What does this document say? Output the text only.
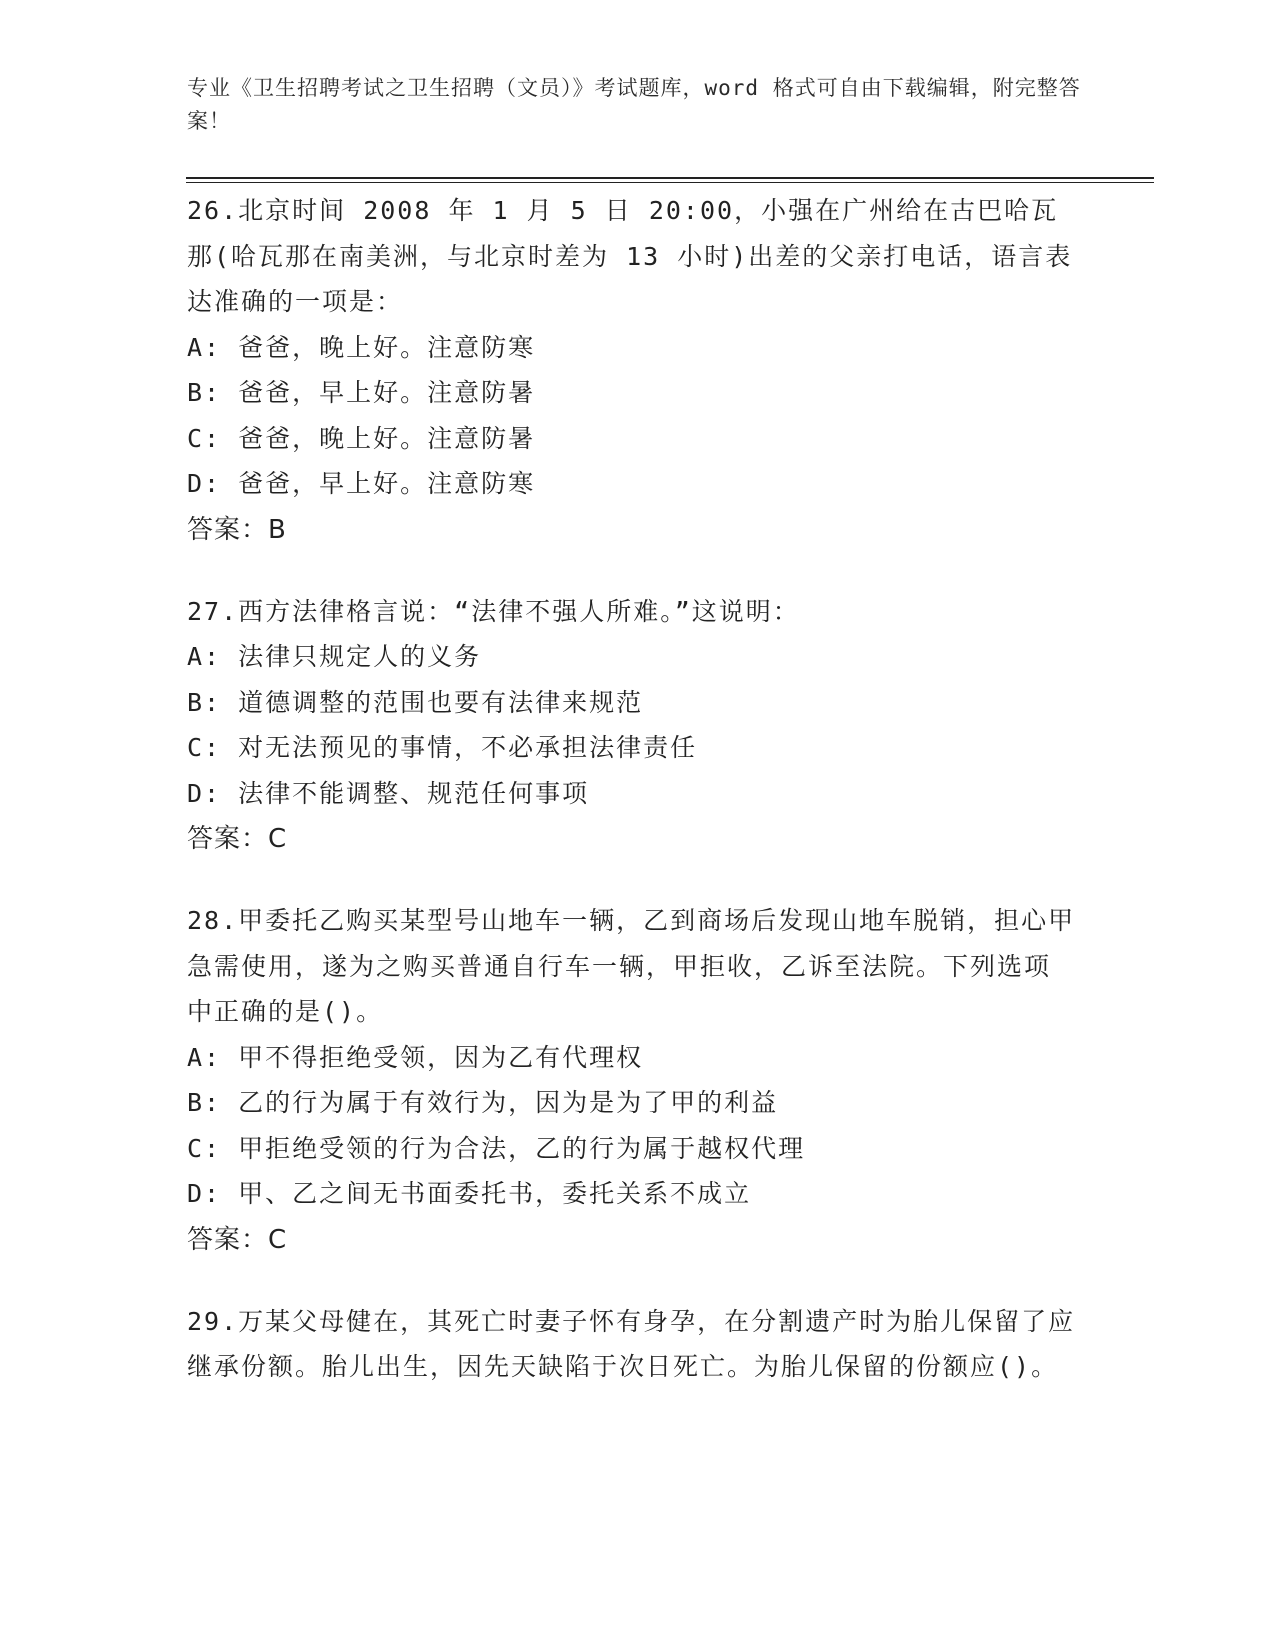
专业《卫生招聘考试之卫生招聘（文员）》考试题库，word 格式可自由下载编辑，附完整答案！
26.北京时间 2008 年 1 月 5 日 20:00，小强在广州给在古巴哈瓦那(哈瓦那在南美洲，与北京时差为 13 小时)出差的父亲打电话，语言表达准确的一项是：
A: 爸爸，晚上好。注意防寒
B: 爸爸，早上好。注意防暑
C: 爸爸，晚上好。注意防暑
D: 爸爸，早上好。注意防寒
答案：B
27.西方法律格言说：“法律不强人所难。”这说明：
A: 法律只规定人的义务
B: 道德调整的范围也要有法律来规范
C: 对无法预见的事情，不必承担法律责任
D: 法律不能调整、规范任何事项
答案：C
28.甲委托乙购买某型号山地车一辆，乙到商场后发现山地车脱销，担心甲急需使用，遂为之购买普通自行车一辆，甲拒收，乙诉至法院。下列选项中正确的是()。
A: 甲不得拒绝受领，因为乙有代理权
B: 乙的行为属于有效行为，因为是为了甲的利益
C: 甲拒绝受领的行为合法，乙的行为属于越权代理
D: 甲、乙之间无书面委托书，委托关系不成立
答案：C
29.万某父母健在，其死亡时妻子怀有身孕，在分割遗产时为胎儿保留了应继承份额。胎儿出生，因先天缺陷于次日死亡。为胎儿保留的份额应()。
